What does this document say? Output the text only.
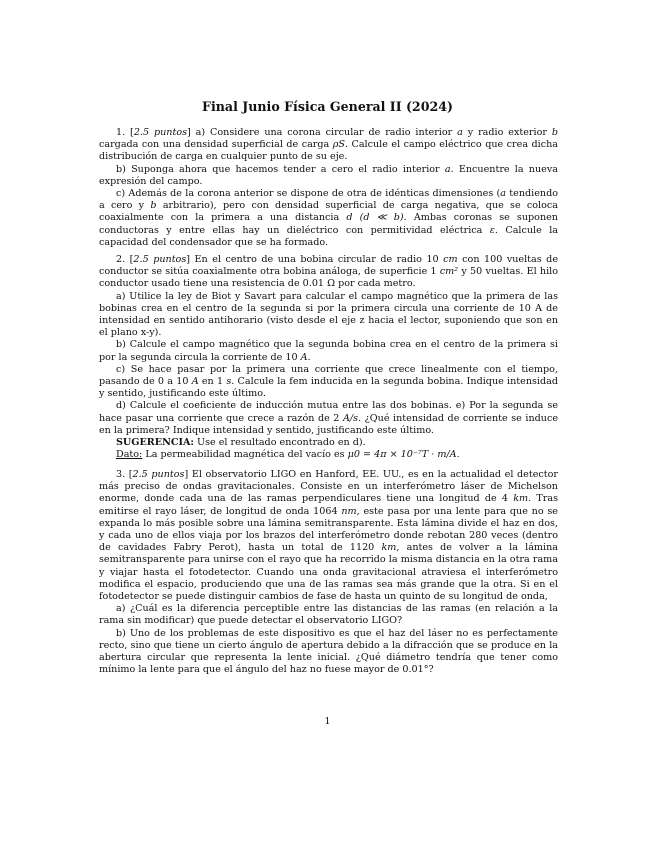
Final Junio Física General II (2024)

1. [2.5 puntos] a) Considere una corona circular de radio interior a y radio exterior b cargada con una densidad superficial de carga ρS. Calcule el campo eléctrico que crea dicha distribución de carga en cualquier punto de su eje.

b) Suponga ahora que hacemos tender a cero el radio interior a. Encuentre la nueva expresión del campo.

c) Además de la corona anterior se dispone de otra de idénticas dimensiones (a tendiendo a cero y b arbitrario), pero con densidad superficial de carga negativa, que se coloca coaxialmente con la primera a una distancia d (d ≪ b). Ambas coronas se suponen conductoras y entre ellas hay un dieléctrico con permitividad eléctrica ε. Calcule la capacidad del condensador que se ha formado.

2. [2.5 puntos] En el centro de una bobina circular de radio 10 cm con 100 vueltas de conductor se sitúa coaxialmente otra bobina análoga, de superficie 1 cm² y 50 vueltas. El hilo conductor usado tiene una resistencia de 0.01 Ω por cada metro.

a) Utilice la ley de Biot y Savart para calcular el campo magnético que la primera de las bobinas crea en el centro de la segunda si por la primera circula una corriente de 10 A de intensidad en sentido antihorario (visto desde el eje z hacia el lector, suponiendo que son en el plano x-y).

b) Calcule el campo magnético que la segunda bobina crea en el centro de la primera si por la segunda circula la corriente de 10 A.

c) Se hace pasar por la primera una corriente que crece linealmente con el tiempo, pasando de 0 a 10 A en 1 s. Calcule la fem inducida en la segunda bobina. Indique intensidad y sentido, justificando este último.

d) Calcule el coeficiente de inducción mutua entre las dos bobinas. e) Por la segunda se hace pasar una corriente que crece a razón de 2 A/s. ¿Qué intensidad de corriente se induce en la primera? Indique intensidad y sentido, justificando este último.

SUGERENCIA: Use el resultado encontrado en d).

Dato: La permeabilidad magnética del vacío es μ0 = 4π × 10⁻⁷T · m/A.

3. [2.5 puntos] El observatorio LIGO en Hanford, EE. UU., es en la actualidad el detector más preciso de ondas gravitacionales. Consiste en un interferómetro láser de Michelson enorme, donde cada una de las ramas perpendiculares tiene una longitud de 4 km. Tras emitirse el rayo láser, de longitud de onda 1064 nm, este pasa por una lente para que no se expanda lo más posible sobre una lámina semitransparente. Esta lámina divide el haz en dos, y cada uno de ellos viaja por los brazos del interferómetro donde rebotan 280 veces (dentro de cavidades Fabry Perot), hasta un total de 1120 km, antes de volver a la lámina semitransparente para unirse con el rayo que ha recorrido la misma distancia en la otra rama y viajar hasta el fotodetector. Cuando una onda gravitacional atraviesa el interferómetro modifica el espacio, produciendo que una de las ramas sea más grande que la otra. Si en el fotodetector se puede distinguir cambios de fase de hasta un quinto de su longitud de onda,

a) ¿Cuál es la diferencia perceptible entre las distancias de las ramas (en relación a la rama sin modificar) que puede detectar el observatorio LIGO?

b) Uno de los problemas de este dispositivo es que el haz del láser no es perfectamente recto, sino que tiene un cierto ángulo de apertura debido a la difracción que se produce en la abertura circular que representa la lente inicial. ¿Qué diámetro tendría que tener como mínimo la lente para que el ángulo del haz no fuese mayor de 0.01°?

1
